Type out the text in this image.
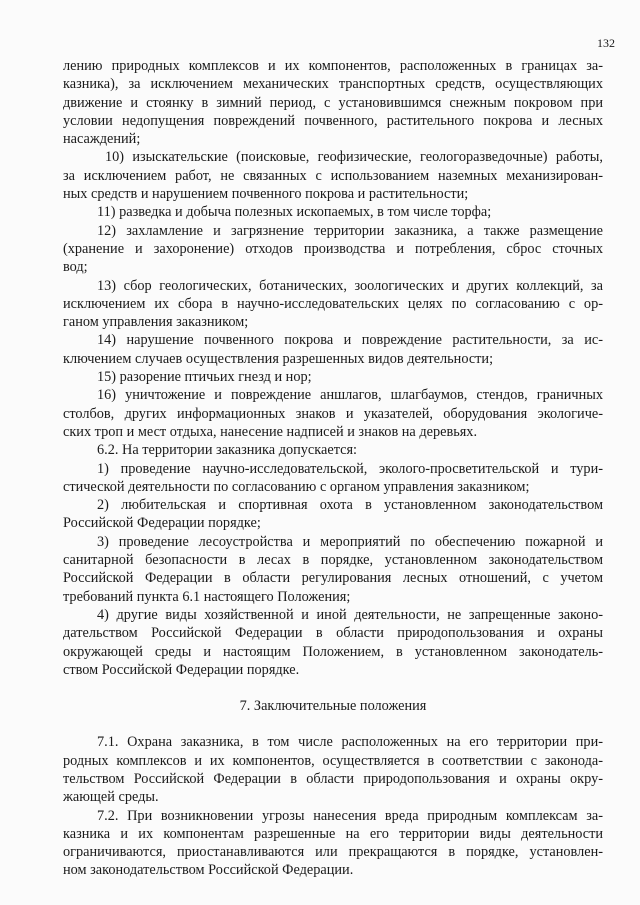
132
лению природных комплексов и их компонентов, расположенных в границах за-
казника), за исключением механических транспортных средств, осуществляющих
движение и стоянку в зимний период, с установившимся снежным покровом при
условии недопущения повреждений почвенного, растительного покрова и лесных
насаждений;
10) изыскательские (поисковые, геофизические, геологоразведочные) работы,
за исключением работ, не связанных с использованием наземных механизирован-
ных средств и нарушением почвенного покрова и растительности;
11) разведка и добыча полезных ископаемых, в том числе торфа;
12) захламление и загрязнение территории заказника, а также размещение
(хранение и захоронение) отходов производства и потребления, сброс сточных
вод;
13) сбор геологических, ботанических, зоологических и других коллекций, за
исключением их сбора в научно-исследовательских целях по согласованию с ор-
ганом управления заказником;
14) нарушение почвенного покрова и повреждение растительности, за ис-
ключением случаев осуществления разрешенных видов деятельности;
15) разорение птичьих гнезд и нор;
16) уничтожение и повреждение аншлагов, шлагбаумов, стендов, граничных
столбов, других информационных знаков и указателей, оборудования экологиче-
ских троп и мест отдыха, нанесение надписей и знаков на деревьях.
6.2. На территории заказника допускается:
1) проведение научно-исследовательской, эколого-просветительской и тури-
стической деятельности по согласованию с органом управления заказником;
2) любительская и спортивная охота в установленном законодательством
Российской Федерации порядке;
3) проведение лесоустройства и мероприятий по обеспечению пожарной и
санитарной безопасности в лесах в порядке, установленном законодательством
Российской Федерации в области регулирования лесных отношений, с учетом
требований пункта 6.1 настоящего Положения;
4) другие виды хозяйственной и иной деятельности, не запрещенные законо-
дательством Российской Федерации в области природопользования и охраны
окружающей среды и настоящим Положением, в установленном законодатель-
ством Российской Федерации порядке.
7. Заключительные положения
7.1. Охрана заказника, в том числе расположенных на его территории при-
родных комплексов и их компонентов, осуществляется в соответствии с законода-
тельством Российской Федерации в области природопользования и охраны окру-
жающей среды.
7.2. При возникновении угрозы нанесения вреда природным комплексам за-
казника и их компонентам разрешенные на его территории виды деятельности
ограничиваются, приостанавливаются или прекращаются в порядке, установлен-
ном законодательством Российской Федерации.
